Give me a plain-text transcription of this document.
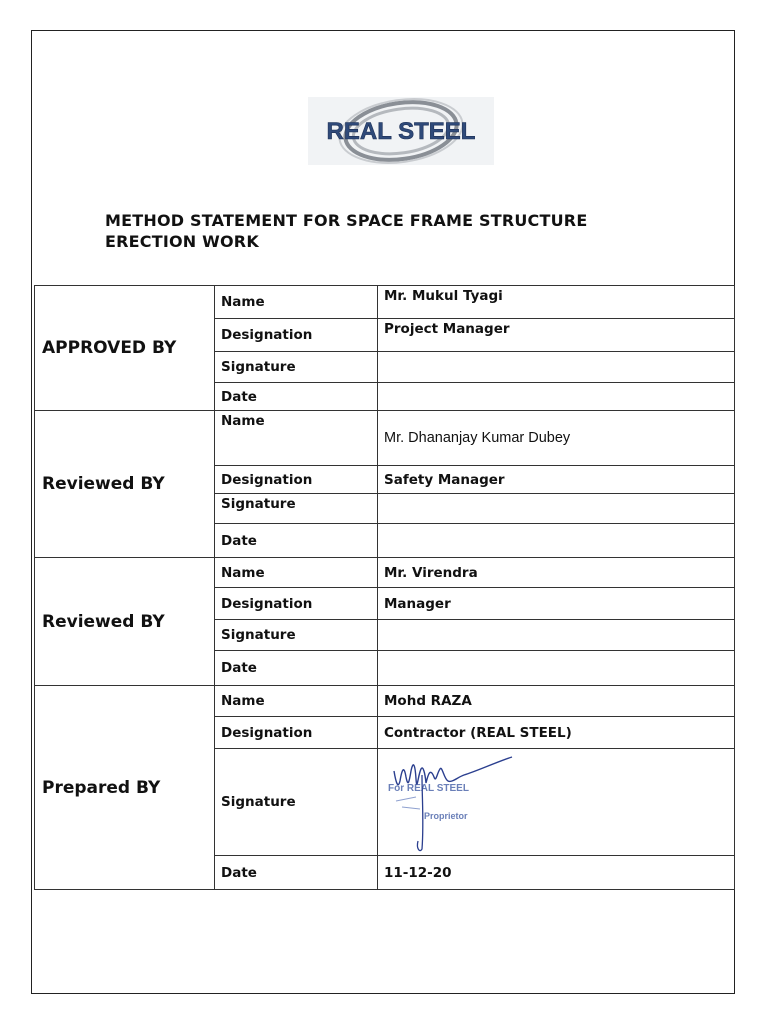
REAL STEEL
METHOD STATEMENT FOR SPACE FRAME STRUCTURE
ERECTION WORK
APPROVED BY	Name	Mr. Mukul Tyagi
	Designation	Project Manager
	Signature	
	Date	
Reviewed BY	Name	Mr. Dhananjay Kumar Dubey
	Designation	Safety Manager
	Signature	
	Date	
Reviewed BY	Name	Mr. Virendra
	Designation	Manager
	Signature	
	Date	
Prepared BY	Name	Mohd RAZA
	Designation	Contractor (REAL STEEL)
	Signature	For REAL STEEL
Proprietor

	Date	11-12-20
